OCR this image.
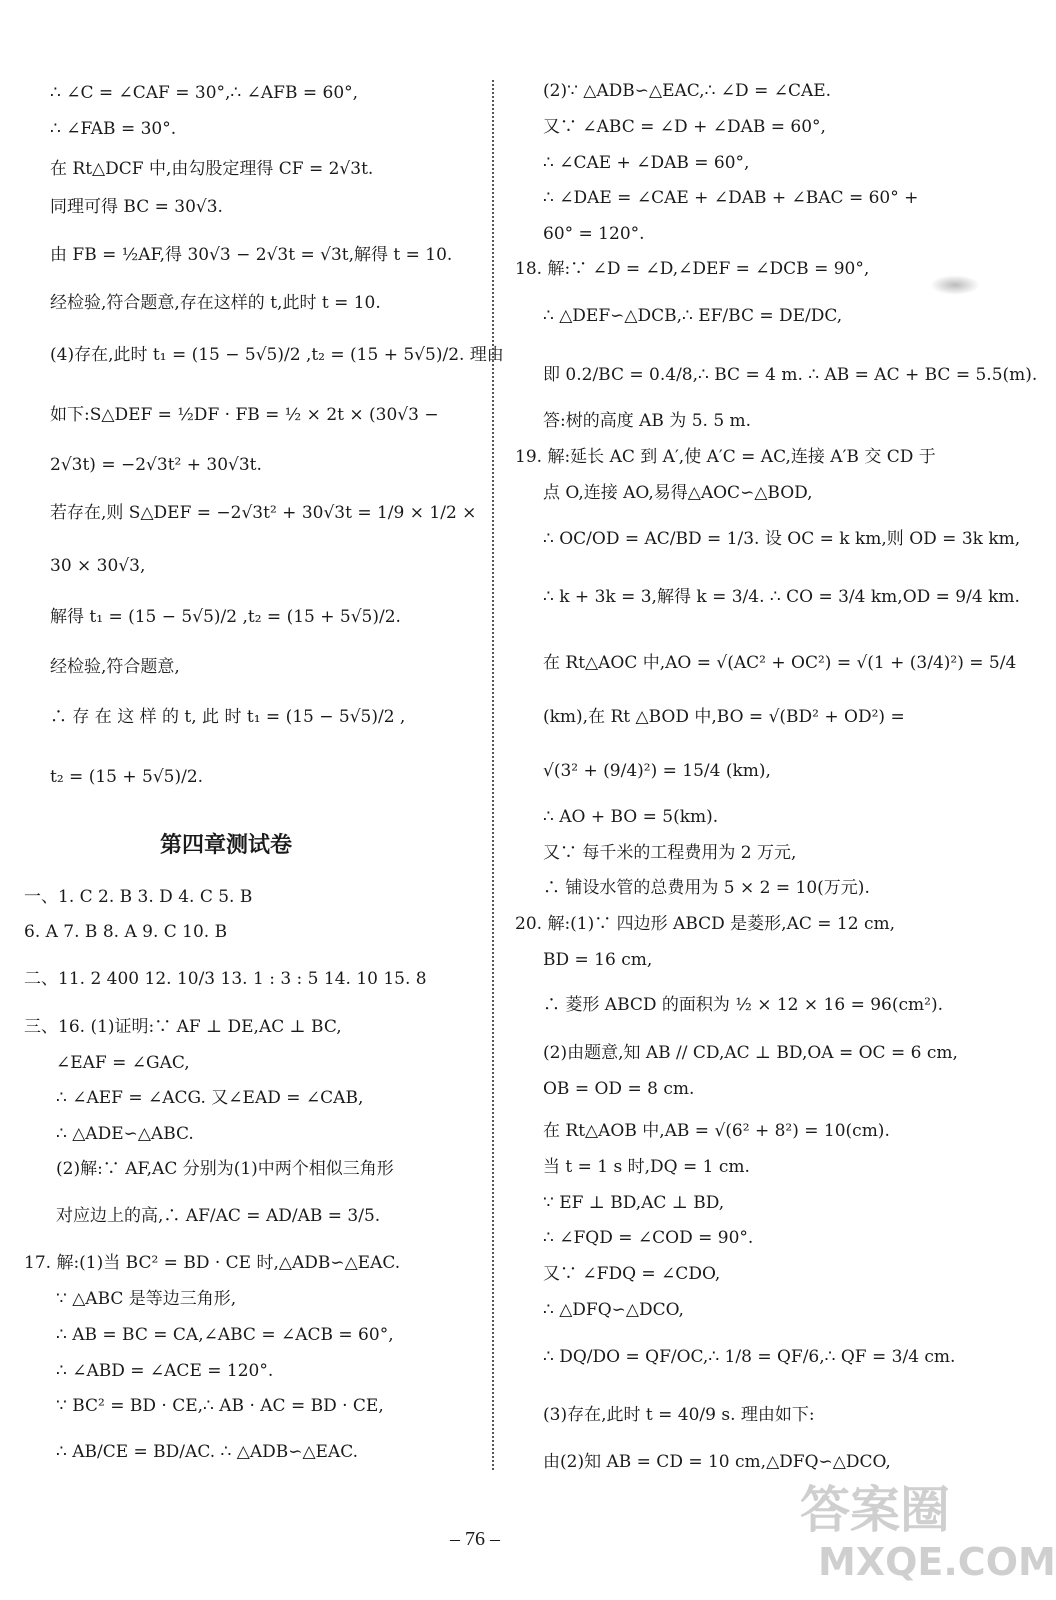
∴ ∠C = ∠CAF = 30°,∴ ∠AFB = 60°,
∴ ∠FAB = 30°.
在 Rt△DCF 中,由勾股定理得 CF = 2√3t.
同理可得 BC = 30√3.
由 FB = ½AF,得 30√3 − 2√3t = √3t,解得 t = 10.
经检验,符合题意,存在这样的 t,此时 t = 10.
(4)存在,此时 t₁ = (15 − 5√5)/2 ,t₂ = (15 + 5√5)/2. 理由
如下:S△DEF = ½DF · FB = ½ × 2t × (30√3 −
2√3t) = −2√3t² + 30√3t.
若存在,则 S△DEF = −2√3t² + 30√3t = 1/9 × 1/2 ×
30 × 30√3,
解得 t₁ = (15 − 5√5)/2 ,t₂ = (15 + 5√5)/2.
经检验,符合题意,
∴ 存 在 这 样 的 t, 此 时 t₁ = (15 − 5√5)/2 ,
t₂ = (15 + 5√5)/2.
第四章测试卷
一、1. C 2. B 3. D 4. C 5. B
6. A 7. B 8. A 9. C 10. B
二、11. 2 400 12. 10/3 13. 1 : 3 : 5 14. 10 15. 8
三、16. (1)证明:∵ AF ⊥ DE,AC ⊥ BC,
∠EAF = ∠GAC,
∴ ∠AEF = ∠ACG. 又∠EAD = ∠CAB,
∴ △ADE∽△ABC.
(2)解:∵ AF,AC 分别为(1)中两个相似三角形
对应边上的高,∴ AF/AC = AD/AB = 3/5.
17. 解:(1)当 BC² = BD · CE 时,△ADB∽△EAC.
∵ △ABC 是等边三角形,
∴ AB = BC = CA,∠ABC = ∠ACB = 60°,
∴ ∠ABD = ∠ACE = 120°.
∵ BC² = BD · CE,∴ AB · AC = BD · CE,
∴ AB/CE = BD/AC. ∴ △ADB∽△EAC.
(2)∵ △ADB∽△EAC,∴ ∠D = ∠CAE.
又∵ ∠ABC = ∠D + ∠DAB = 60°,
∴ ∠CAE + ∠DAB = 60°,
∴ ∠DAE = ∠CAE + ∠DAB + ∠BAC = 60° +
60° = 120°.
18. 解:∵ ∠D = ∠D,∠DEF = ∠DCB = 90°,
∴ △DEF∽△DCB,∴ EF/BC = DE/DC,
即 0.2/BC = 0.4/8,∴ BC = 4 m. ∴ AB = AC + BC = 5.5(m).
答:树的高度 AB 为 5. 5 m.
19. 解:延长 AC 到 A′,使 A′C = AC,连接 A′B 交 CD 于
点 O,连接 AO,易得△AOC∽△BOD,
∴ OC/OD = AC/BD = 1/3. 设 OC = k km,则 OD = 3k km,
∴ k + 3k = 3,解得 k = 3/4. ∴ CO = 3/4 km,OD = 9/4 km.
在 Rt△AOC 中,AO = √(AC² + OC²) = √(1 + (3/4)²) = 5/4
(km),在 Rt △BOD 中,BO = √(BD² + OD²) =
√(3² + (9/4)²) = 15/4 (km),
∴ AO + BO = 5(km).
又∵ 每千米的工程费用为 2 万元,
∴ 铺设水管的总费用为 5 × 2 = 10(万元).
20. 解:(1)∵ 四边形 ABCD 是菱形,AC = 12 cm,
BD = 16 cm,
∴ 菱形 ABCD 的面积为 ½ × 12 × 16 = 96(cm²).
(2)由题意,知 AB // CD,AC ⊥ BD,OA = OC = 6 cm,
OB = OD = 8 cm.
在 Rt△AOB 中,AB = √(6² + 8²) = 10(cm).
当 t = 1 s 时,DQ = 1 cm.
∵ EF ⊥ BD,AC ⊥ BD,
∴ ∠FQD = ∠COD = 90°.
又∵ ∠FDQ = ∠CDO,
∴ △DFQ∽△DCO,
∴ DQ/DO = QF/OC,∴ 1/8 = QF/6,∴ QF = 3/4 cm.
(3)存在,此时 t = 40/9 s. 理由如下:
由(2)知 AB = CD = 10 cm,△DFQ∽△DCO,
– 76 –	答案圈
MXQE.COM
